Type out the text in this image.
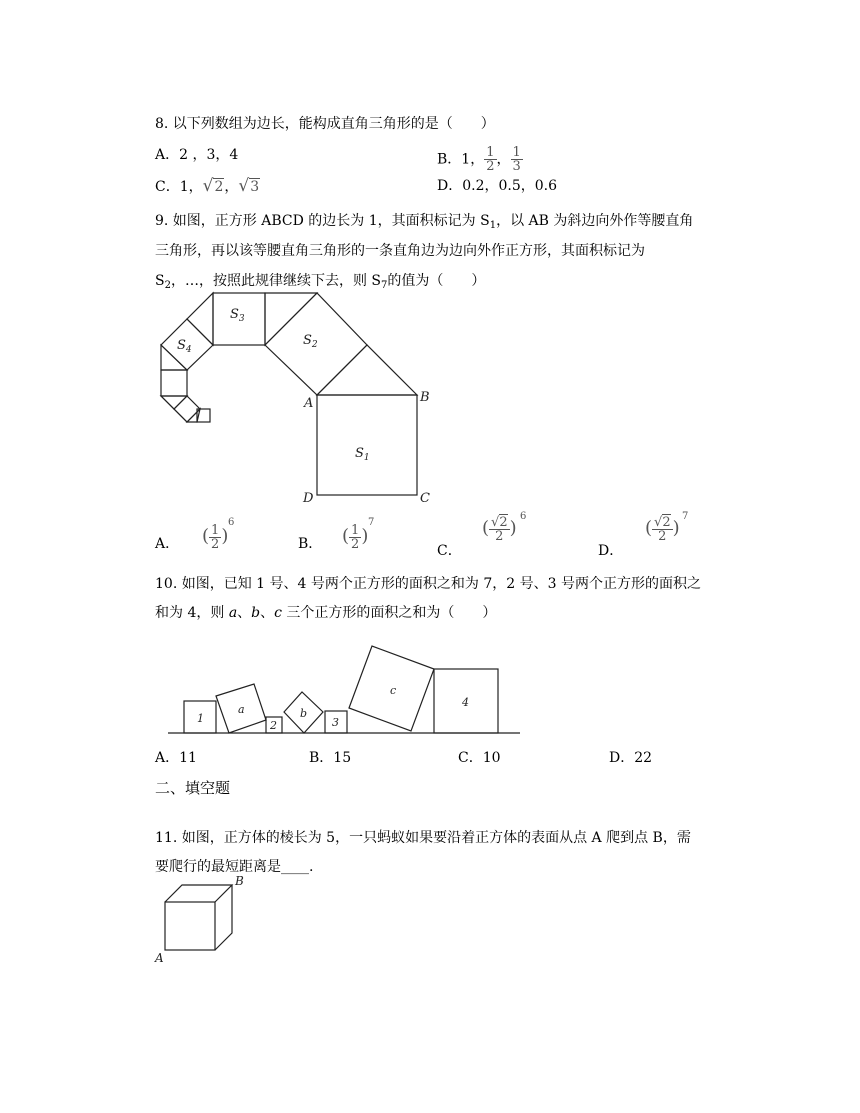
8. 以下列数组为边长，能构成直角三角形的是（　　）
A．2 ，3，4	B．1， $\frac{1}{2}$ ， $\frac{1}{3}$
C．1，√2，√3	D．0.2，0.5，0.6
9. 如图，正方形 ABCD 的边长为 1，其面积标记为 $S_1$，以 AB 为斜边向外作等腰直角
三角形，再以该等腰直角三角形的一条直角边为边向外作正方形，其面积标记为
$S_2$，…，按照此规律继续下去，则 $S_7$的值为（　　）
$S_1$
$S_2$
$S_3$
$S_4$
A	B
D	C
A． ( $\frac{1}{2}$ )
6
B． ( $\frac{1}{2}$ )
7
C．
( $\frac{√2}{2}$ )
6
D．
( $\frac{√2}{2}$ )
7
10. 如图，已知 1 号、4 号两个正方形的面积之和为 7，2 号、3 号两个正方形的面积之
和为 4，则 a、b、c 三个正方形的面积之和为（　　）
1
a
2
b
3
c
4
A．11	B．15	C．10	D．22
二、填空题
11. 如图，正方体的棱长为 5，一只蚂蚁如果要沿着正方体的表面从点 A 爬到点 B，需
要爬行的最短距离是____.
A
B
